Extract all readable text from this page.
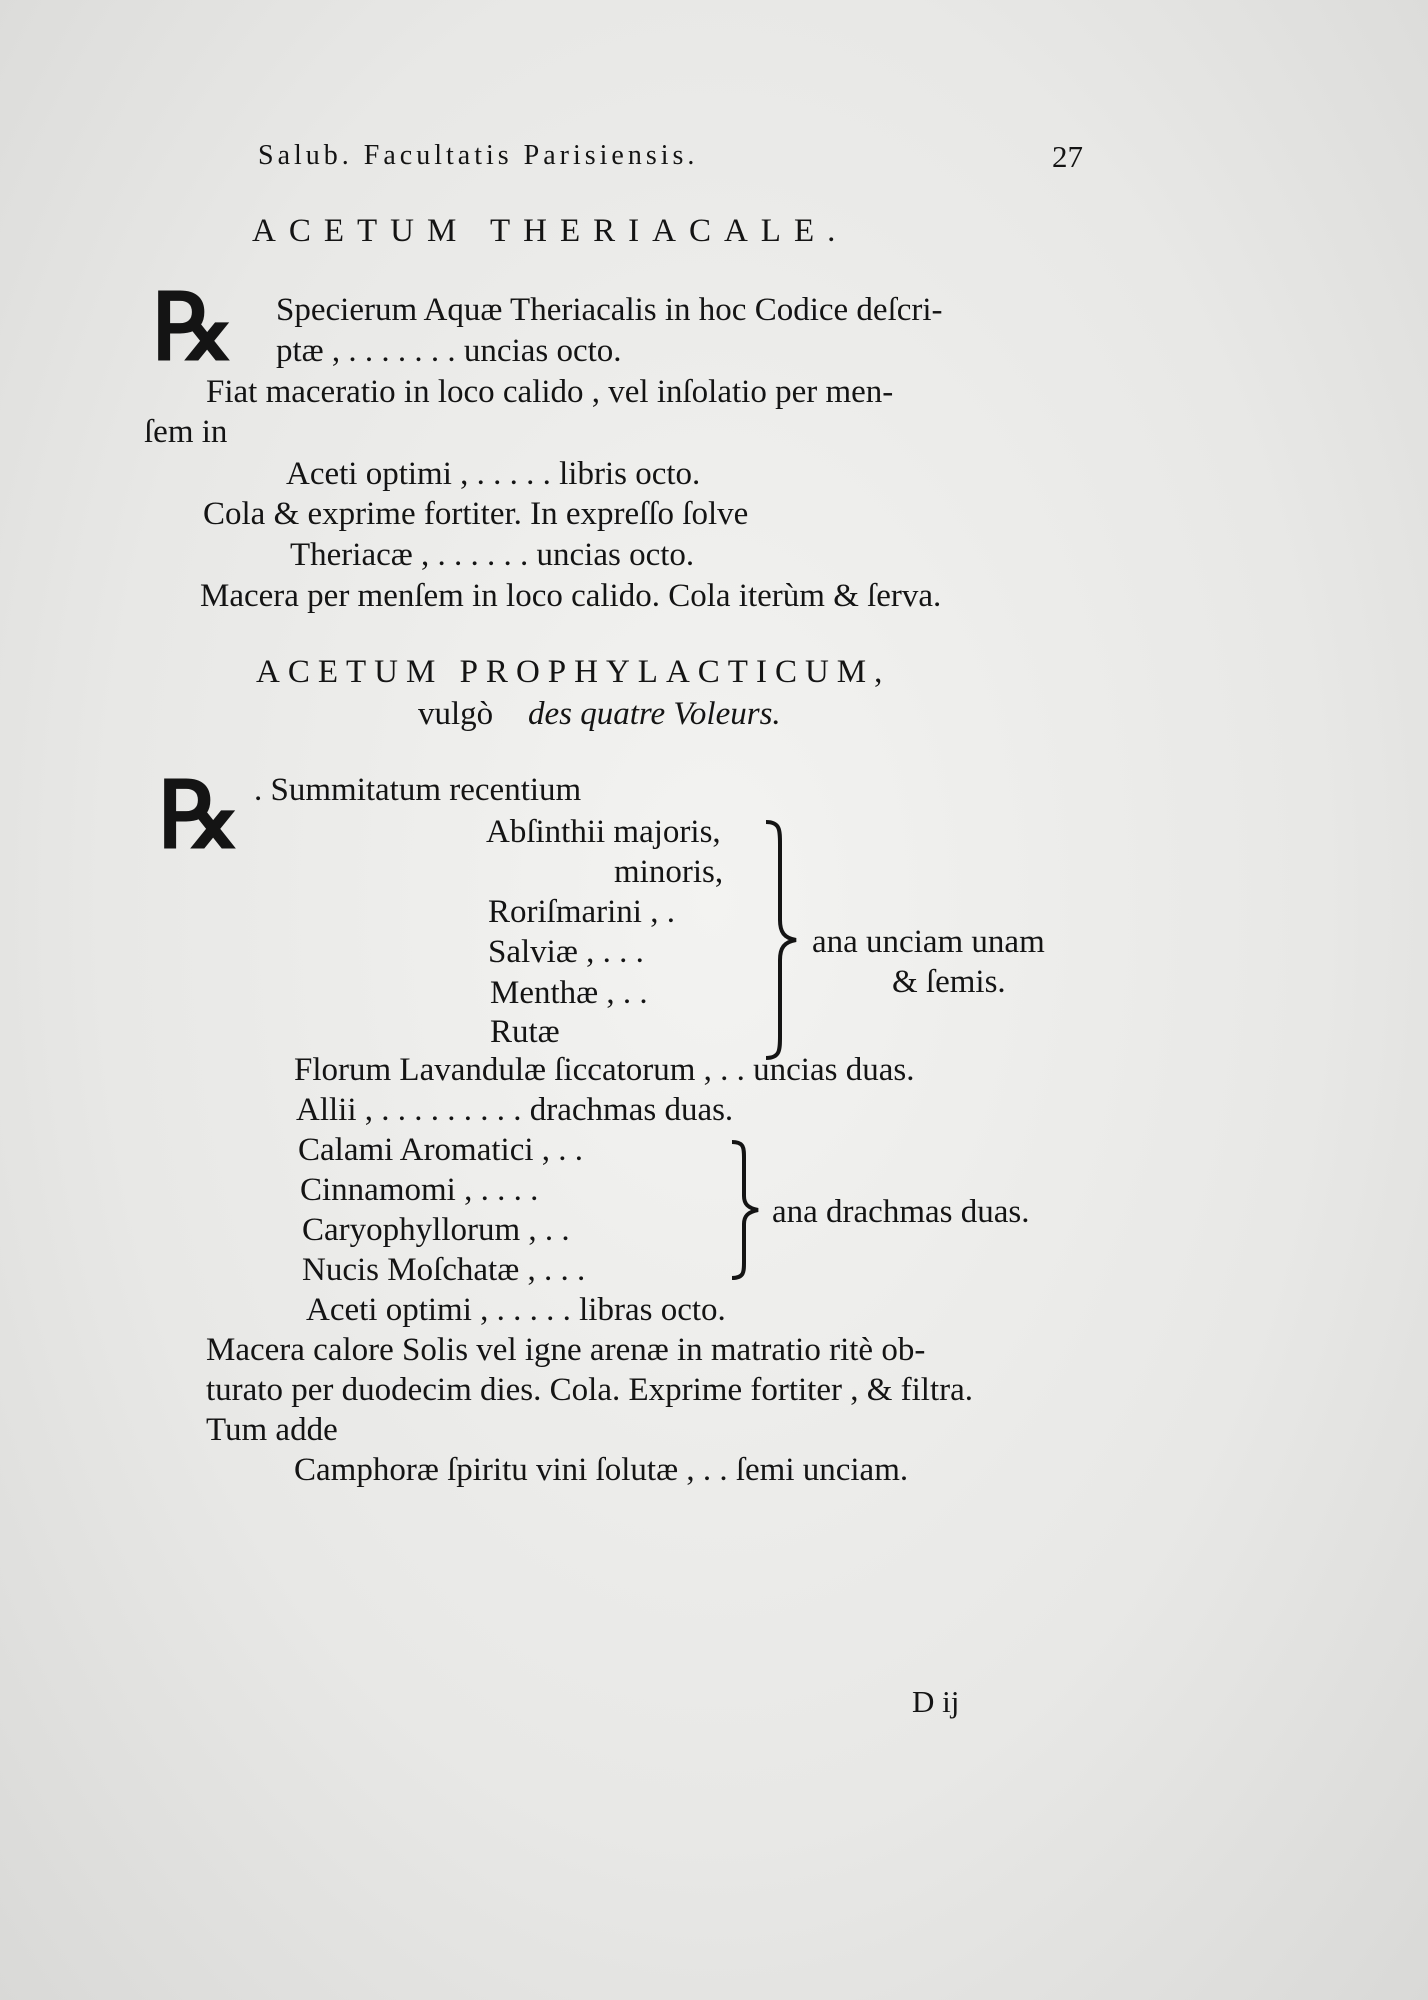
Salub. Facultatis Parisiensis.	27
ACETUM THERIACALE.
℞ Specierum Aquæ Theriacalis in hoc Codice deſcri-
ptæ , . . . . . . . uncias octo.
Fiat maceratio in loco calido , vel inſolatio per men-
ſem in
Aceti optimi , . . . . . libris octo.
Cola & exprime fortiter. In expreſſo ſolve
Theriacæ , . . . . . . uncias octo.
Macera per menſem in loco calido. Cola iterùm & ſerva.
ACETUM PROPHYLACTICUM,
vulgò des quatre Voleurs.
℞ . Summitatum recentium
Abſinthii majoris,
minoris,
Roriſmarini , .
Salviæ , . . .
Menthæ , . .
Rutæ
ana unciam unam
& ſemis.
Florum Lavandulæ ſiccatorum , . . uncias duas.
Allii , . . . . . . . . . drachmas duas.
Calami Aromatici , . .
Cinnamomi , . . . .
Caryophyllorum , . .
Nucis Moſchatæ , . . .
ana drachmas duas.
Aceti optimi , . . . . . libras octo.
Macera calore Solis vel igne arenæ in matratio ritè ob-
turato per duodecim dies. Cola. Exprime fortiter , & filtra.
Tum adde
Camphoræ ſpiritu vini ſolutæ , . . ſemi unciam.
D ij
